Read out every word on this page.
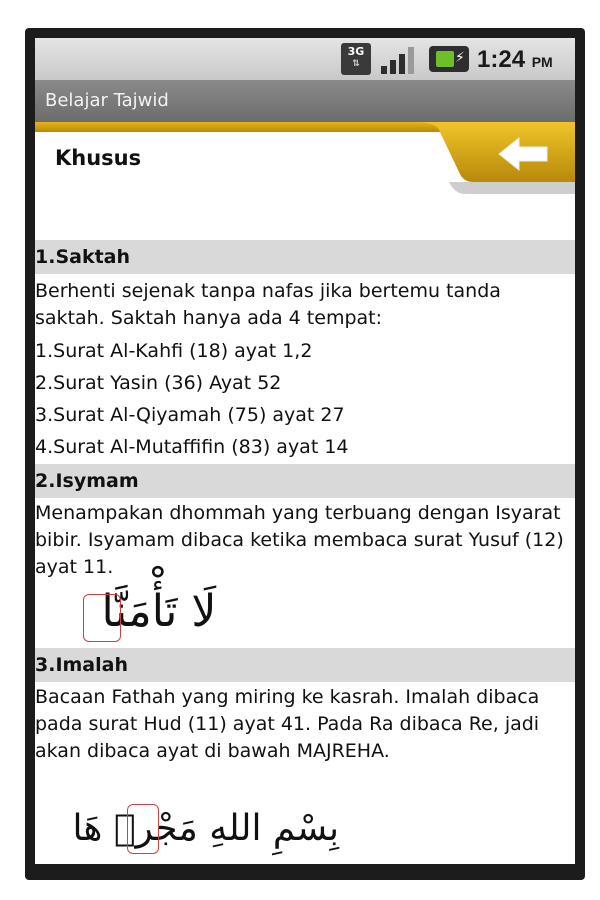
3G
⇅	⚡ 1:24 PM
Belajar Tajwid
Khusus
1.Saktah
Berhenti sejenak tanpa nafas jika bertemu tanda saktah. Saktah hanya ada 4 tempat:
1.Surat Al-Kahfi (18) ayat 1,2
2.Surat Yasin (36) Ayat 52
3.Surat Al-Qiyamah (75) ayat 27
4.Surat Al-Mutaffifin (83) ayat 14
2.Isymam
Menampakan dhommah yang terbuang dengan Isyarat bibir. Isyamam dibaca ketika membaca surat Yusuf (12) ayat 11.
لَا تَأْمَنَّا
3.Imalah
Bacaan Fathah yang miring ke kasrah. Imalah dibaca pada surat Hud (11) ayat 41. Pada Ra dibaca Re, jadi akan dibaca ayat di bawah MAJREHA.
بِسْمِ اللهِ مَجْرٖ هَا
